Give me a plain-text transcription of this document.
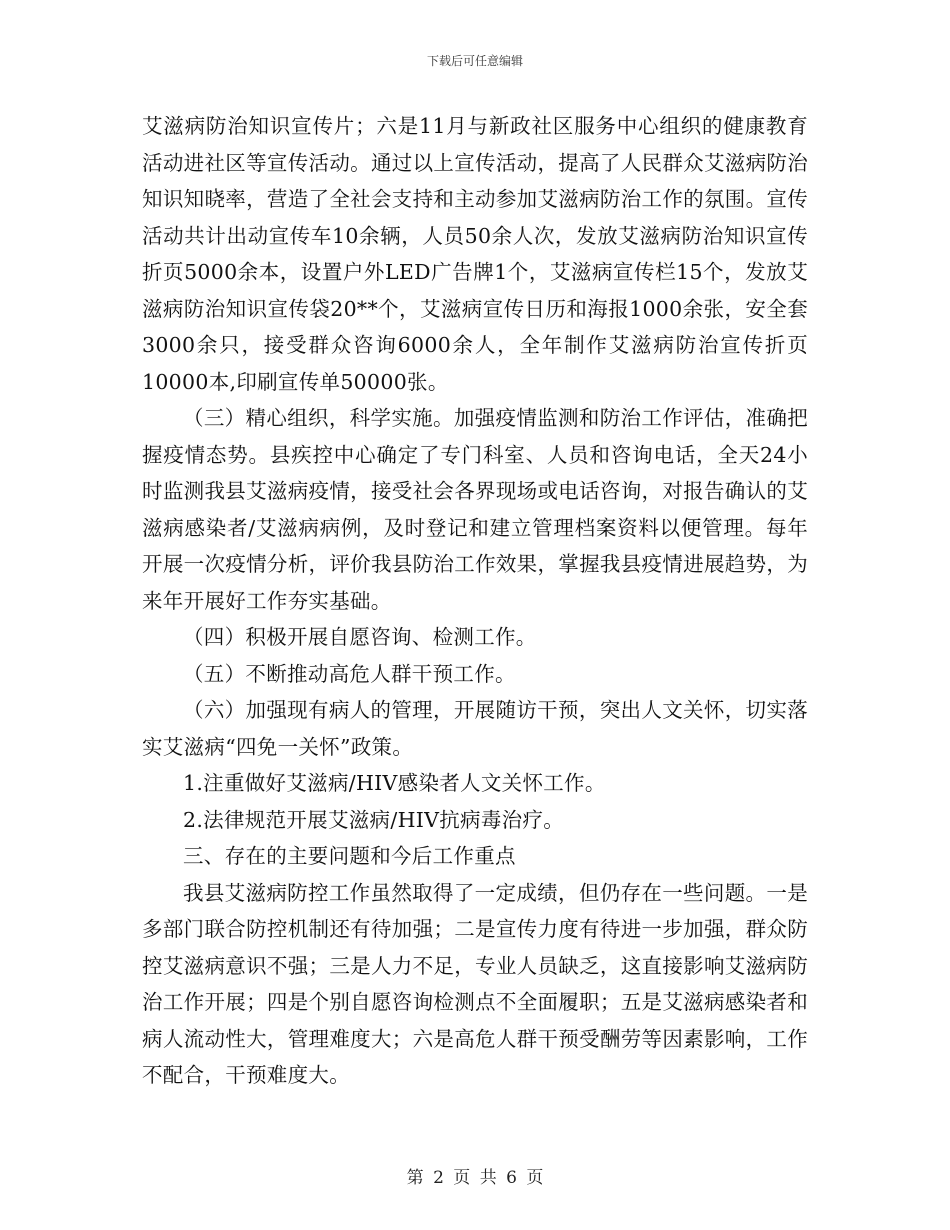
下载后可任意编辑

艾滋病防治知识宣传片；六是11月与新政社区服务中心组织的健康教育活动进社区等宣传活动。通过以上宣传活动，提高了人民群众艾滋病防治知识知晓率，营造了全社会支持和主动参加艾滋病防治工作的氛围。宣传活动共计出动宣传车10余辆，人员50余人次，发放艾滋病防治知识宣传折页5000余本，设置户外LED广告牌1个，艾滋病宣传栏15个，发放艾滋病防治知识宣传袋20**个，艾滋病宣传日历和海报1000余张，安全套3000余只，接受群众咨询6000余人，全年制作艾滋病防治宣传折页10000本,印刷宣传单50000张。

（三）精心组织，科学实施。加强疫情监测和防治工作评估，准确把握疫情态势。县疾控中心确定了专门科室、人员和咨询电话，全天24小时监测我县艾滋病疫情，接受社会各界现场或电话咨询，对报告确认的艾滋病感染者/艾滋病病例，及时登记和建立管理档案资料以便管理。每年开展一次疫情分析，评价我县防治工作效果，掌握我县疫情进展趋势，为来年开展好工作夯实基础。

（四）积极开展自愿咨询、检测工作。

（五）不断推动高危人群干预工作。

（六）加强现有病人的管理，开展随访干预，突出人文关怀，切实落实艾滋病“四免一关怀”政策。

1.注重做好艾滋病/HIV感染者人文关怀工作。

2.法律规范开展艾滋病/HIV抗病毒治疗。

三、存在的主要问题和今后工作重点

我县艾滋病防控工作虽然取得了一定成绩，但仍存在一些问题。一是多部门联合防控机制还有待加强；二是宣传力度有待进一步加强，群众防控艾滋病意识不强；三是人力不足，专业人员缺乏，这直接影响艾滋病防治工作开展；四是个别自愿咨询检测点不全面履职；五是艾滋病感染者和病人流动性大，管理难度大；六是高危人群干预受酬劳等因素影响，工作不配合，干预难度大。

第 2 页 共 6 页
